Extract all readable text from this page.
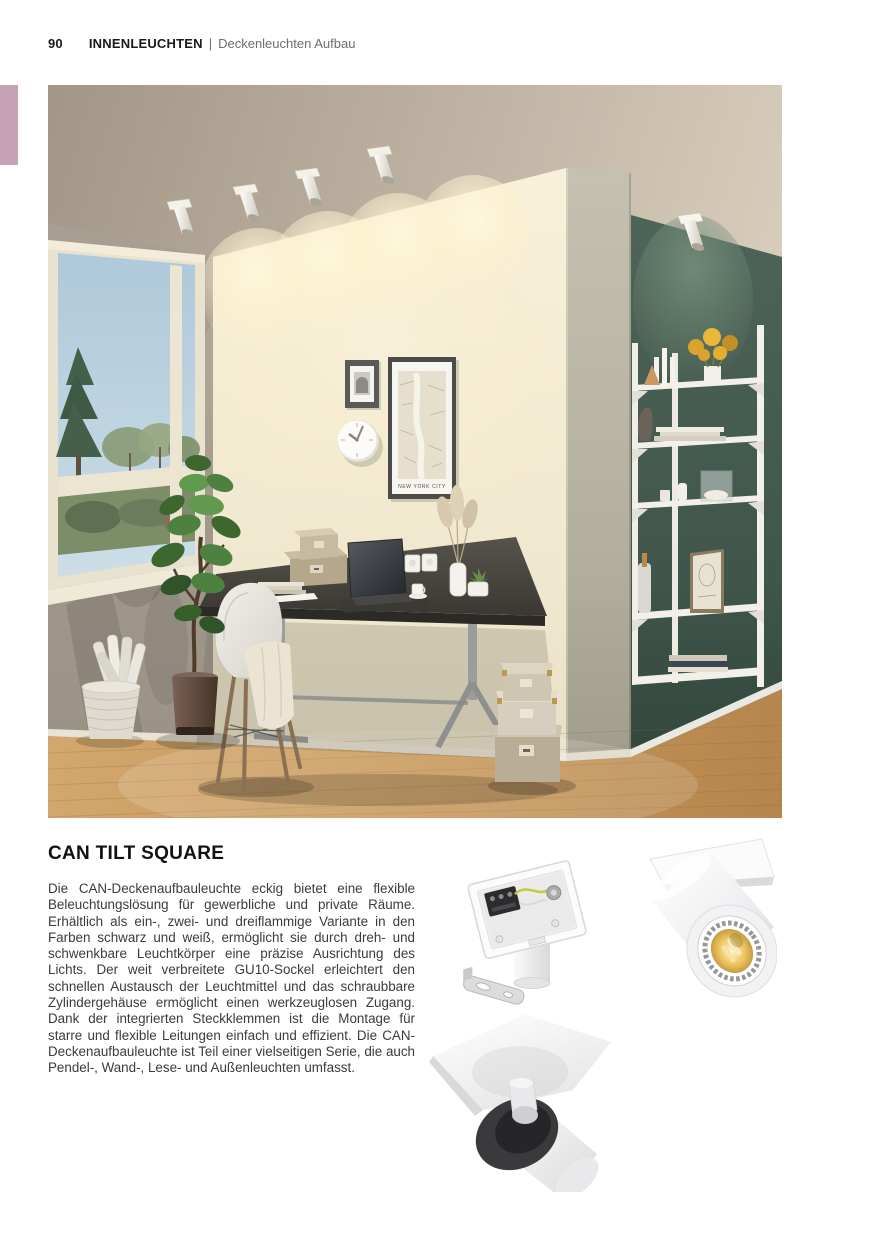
90 INNENLEUCHTEN | Deckenleuchten Aufbau
NEW YORK CITY
CAN TILT SQUARE

Die CAN-Deckenaufbauleuchte eckig bietet eine flexible Beleuchtungslösung für gewerbliche und private Räume. Erhältlich als ein-, zwei- und dreiflammige Variante in den Farben schwarz und weiß, ermöglicht sie durch dreh- und schwenkbare Leuchtkörper eine präzise Ausrichtung des Lichts. Der weit verbreitete GU10-Sockel erleichtert den schnellen Austausch der Leuchtmittel und das schraubbare Zylindergehäuse ermöglicht einen werkzeuglosen Zugang. Dank der integrierten Steckklemmen ist die Montage für starre und flexible Leitungen einfach und effizient. Die CAN-Deckenaufbauleuchte ist Teil einer vielseitigen Serie, die auch Pendel-, Wand-, Lese- und Außenleuchten umfasst.
